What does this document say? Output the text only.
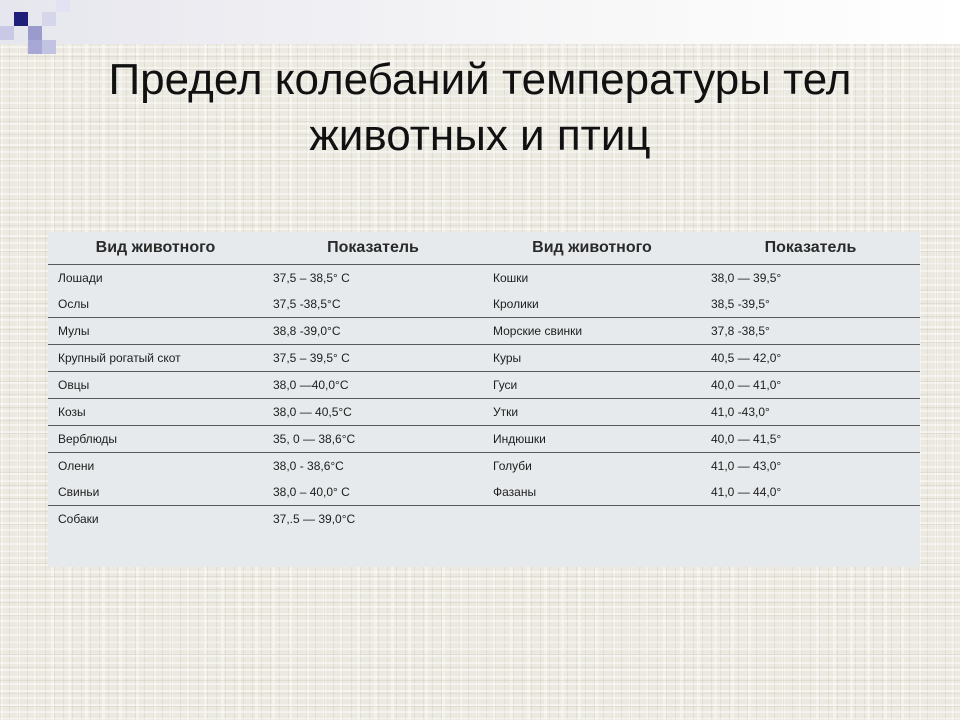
Предел колебаний температуры тел
животных и птиц
Вид животного	Показатель	Вид животного	Показатель
Лошади	37,5 – 38,5° С	Кошки	38,0 — 39,5°
Ослы	37,5 -38,5°С	Кролики	38,5 -39,5°
Мулы	38,8 -39,0°С	Морские свинки	37,8 -38,5°
Крупный рогатый скот	37,5 – 39,5° С	Куры	40,5 — 42,0°
Овцы	38,0 —40,0°С	Гуси	40,0 — 41,0°
Козы	38,0 — 40,5°С	Утки	41,0 -43,0°
Верблюды	35, 0 — 38,6°С	Индюшки	40,0 — 41,5°
Олени	38,0 - 38,6°С	Голуби	41,0 — 43,0°
Свиньи	38,0 – 40,0° С	Фазаны	41,0 — 44,0°
Собаки	37,.5 — 39,0°С		
